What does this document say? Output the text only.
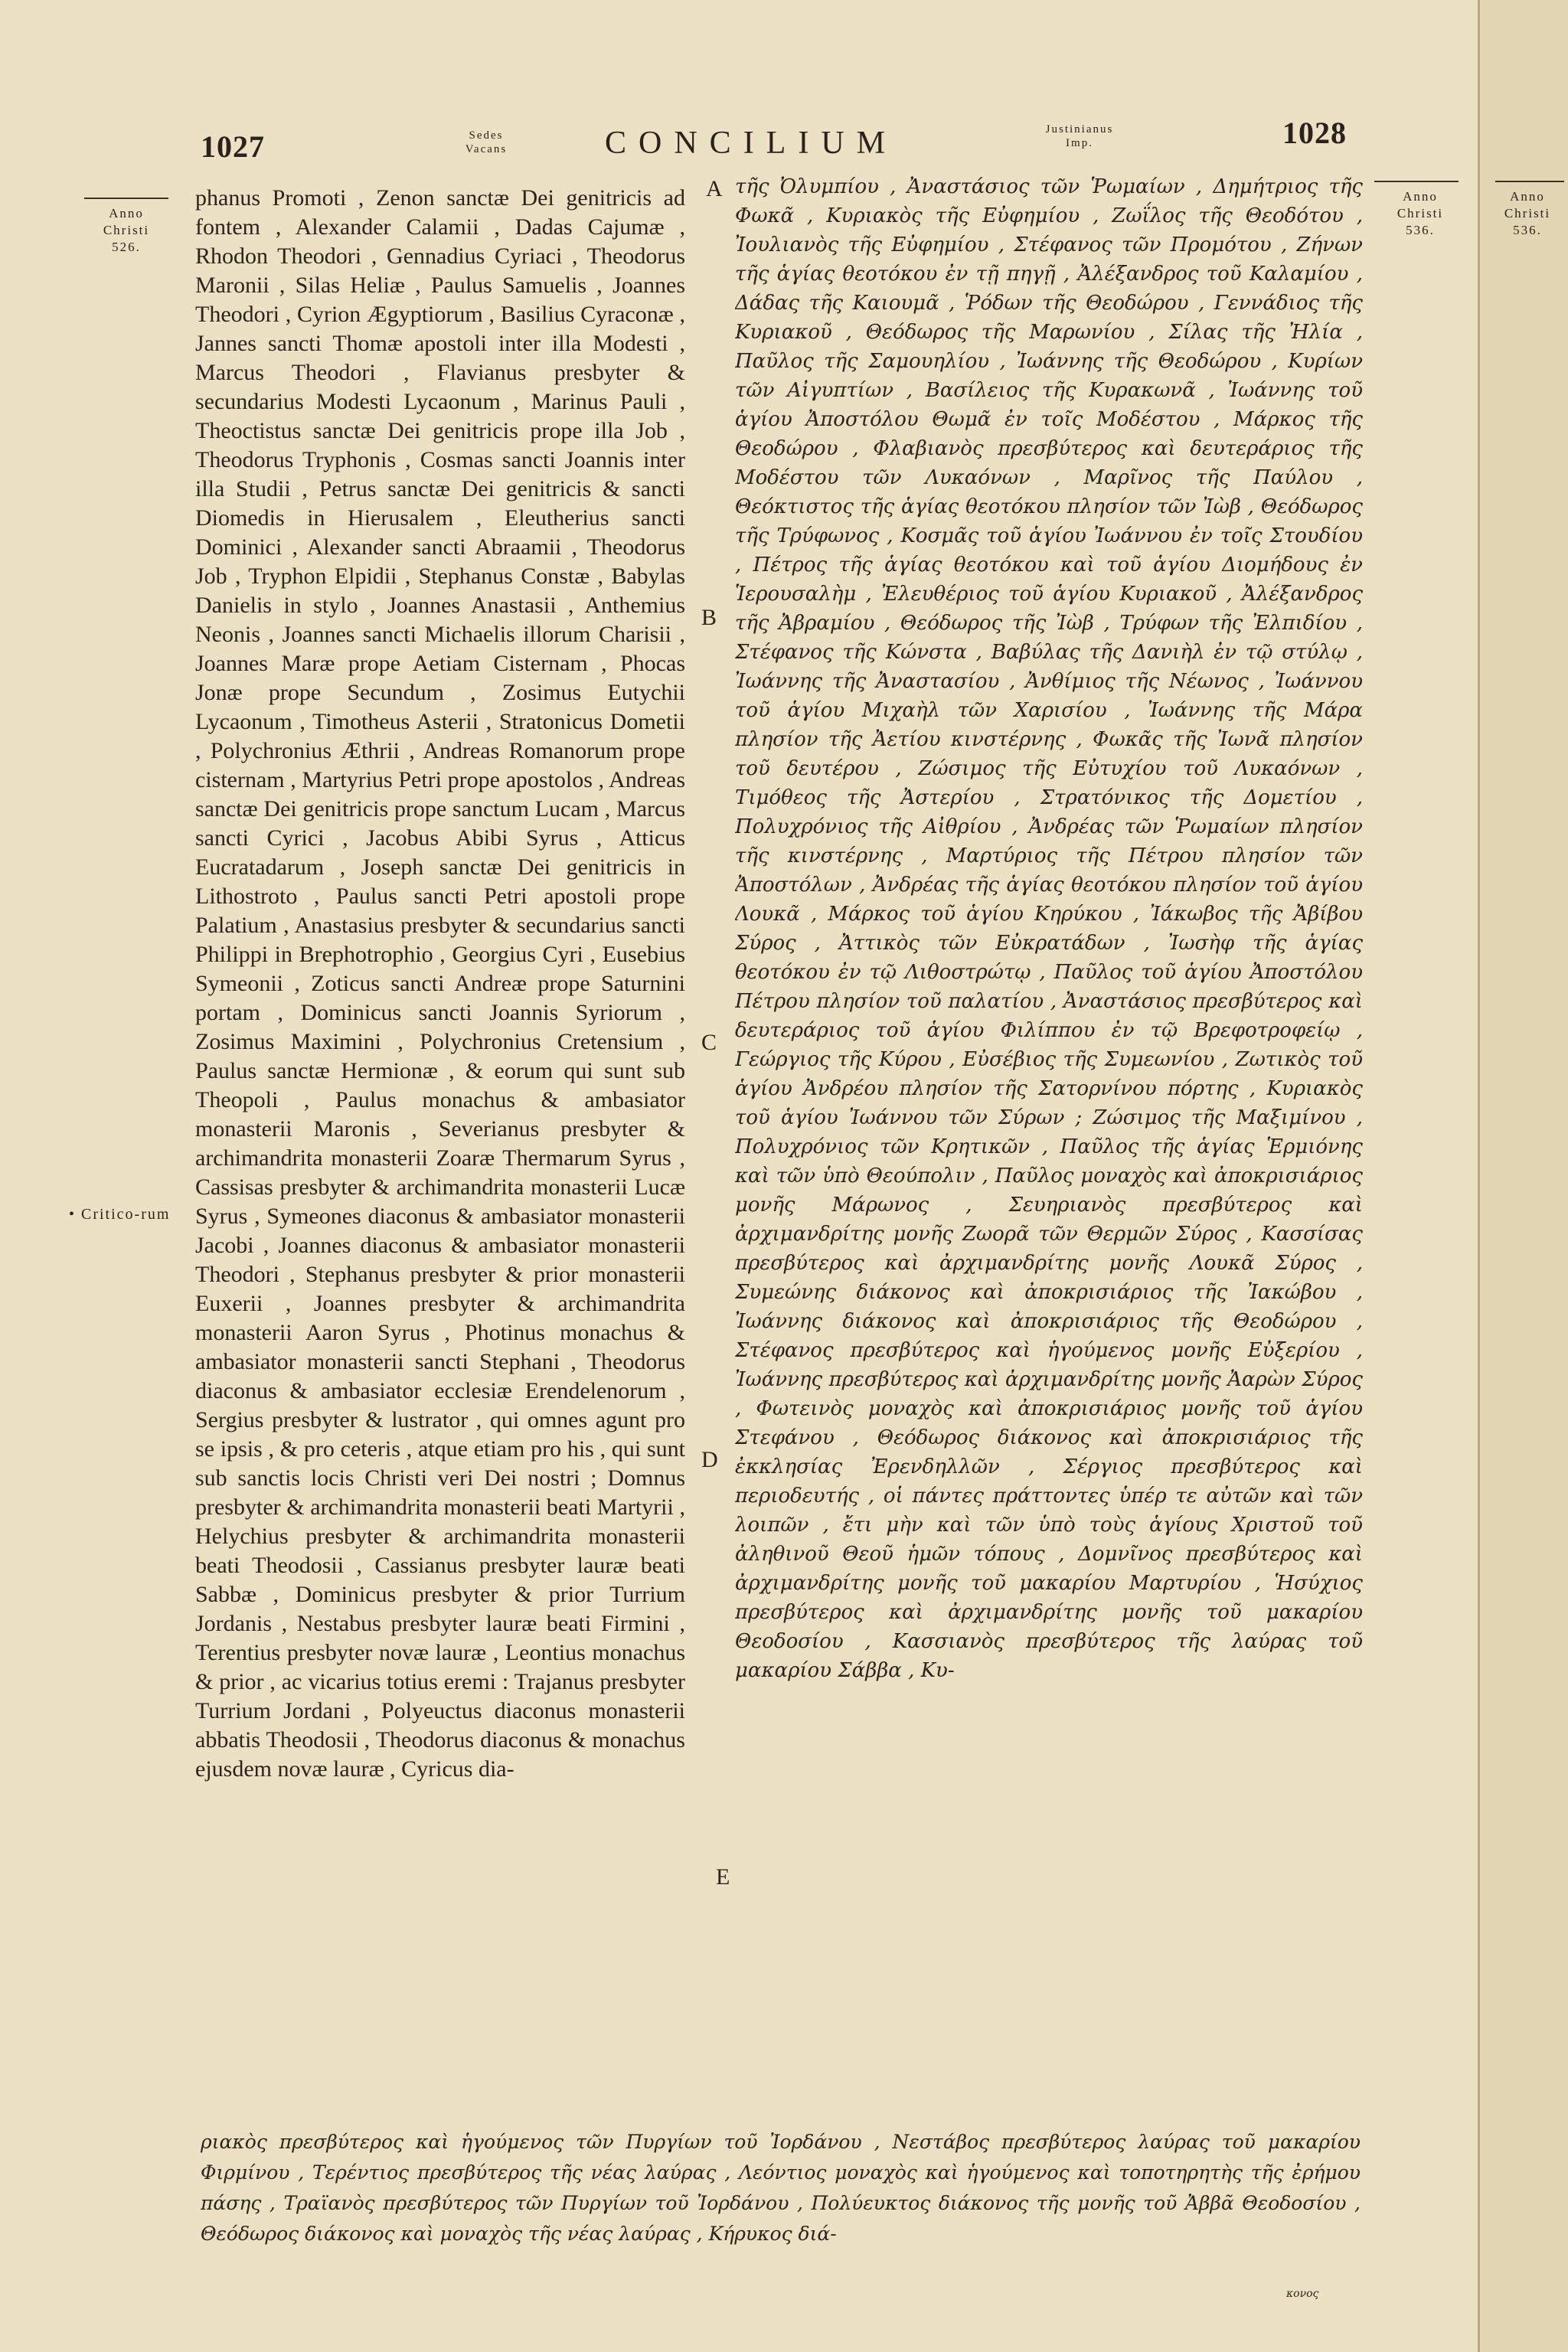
1027	Sedes
Vacans	CONCILIUM	Justinianus
Imp.	1028
Anno
Christi
526.
• Critico-rum
Anno
Christi
536.
A
B
C
D
E
phanus Promoti , Zenon sanctæ Dei genitricis ad fontem , Alexander Calamii , Dadas Cajumæ , Rhodon Theodori , Gennadius Cyriaci , Theodorus Maronii , Silas Heliæ , Paulus Samuelis , Joannes Theodori , Cyrion Ægyptiorum , Basilius Cyraconæ , Jannes sancti Thomæ apostoli inter illa Modesti , Marcus Theodori , Flavianus presbyter & secundarius Modesti Lycaonum , Marinus Pauli , Theoctistus sanctæ Dei genitricis prope illa Job , Theodorus Tryphonis , Cosmas sancti Joannis inter illa Studii , Petrus sanctæ Dei genitricis & sancti Diomedis in Hierusalem , Eleutherius sancti Dominici , Alexander sancti Abraamii , Theodorus Job , Tryphon Elpidii , Stephanus Constæ , Babylas Danielis in stylo , Joannes Anastasii , Anthemius Neonis , Joannes sancti Michaelis illorum Charisii , Joannes Maræ prope Aetiam Cisternam , Phocas Jonæ prope Secundum , Zosimus Eutychii Lycaonum , Timotheus Asterii , Stratonicus Dometii , Polychronius Æthrii , Andreas Romanorum prope cisternam , Martyrius Petri prope apostolos , Andreas sanctæ Dei genitricis prope sanctum Lucam , Marcus sancti Cyrici , Jacobus Abibi Syrus , Atticus Eucratadarum , Joseph sanctæ Dei genitricis in Lithostroto , Paulus sancti Petri apostoli prope Palatium , Anastasius presbyter & secundarius sancti Philippi in Brephotrophio , Georgius Cyri , Eusebius Symeonii , Zoticus sancti Andreæ prope Saturnini portam , Dominicus sancti Joannis Syriorum , Zosimus Maximini , Polychronius Cretensium , Paulus sanctæ Hermionæ , & eorum qui sunt sub Theopoli , Paulus monachus & ambasiator monasterii Maronis , Severianus presbyter & archimandrita monasterii Zoaræ Thermarum Syrus , Cassisas presbyter & archimandrita monasterii Lucæ Syrus , Symeones diaconus & ambasiator monasterii Jacobi , Joannes diaconus & ambasiator monasterii Theodori , Stephanus presbyter & prior monasterii Euxerii , Joannes presbyter & archimandrita monasterii Aaron Syrus , Photinus monachus & ambasiator monasterii sancti Stephani , Theodorus diaconus & ambasiator ecclesiæ Erendelenorum , Sergius presbyter & lustrator , qui omnes agunt pro se ipsis , & pro ceteris , atque etiam pro his , qui sunt sub sanctis locis Christi veri Dei nostri ; Domnus presbyter & archimandrita monasterii beati Martyrii , Helychius presbyter & archimandrita monasterii beati Theodosii , Cassianus presbyter lauræ beati Sabbæ , Dominicus presbyter & prior Turrium Jordanis , Nestabus presbyter lauræ beati Firmini , Terentius presbyter novæ lauræ , Leontius monachus & prior , ac vicarius totius eremi : Trajanus presbyter Turrium Jordani , Polyeuctus diaconus monasterii abbatis Theodosii , Theodorus diaconus & monachus ejusdem novæ lauræ , Cyricus dia-
τῆς Ὀλυμπίου , Ἀναστάσιος τῶν Ῥωμαίων , Δημήτριος τῆς Φωκᾶ , Κυριακὸς τῆς Εὐφημίου , Ζωΐλος τῆς Θεοδότου , Ἰουλιανὸς τῆς Εὐφημίου , Στέφανος τῶν Προμότου , Ζήνων τῆς ἁγίας θεοτόκου ἐν τῇ πηγῇ , Ἀλέξανδρος τοῦ Καλαμίου , Δάδας τῆς Καιουμᾶ , Ῥόδων τῆς Θεοδώρου , Γεννάδιος τῆς Κυριακοῦ , Θεόδωρος τῆς Μαρωνίου , Σίλας τῆς Ἠλία , Παῦλος τῆς Σαμουηλίου , Ἰωάννης τῆς Θεοδώρου , Κυρίων τῶν Αἰγυπτίων , Βασίλειος τῆς Κυρακωνᾶ , Ἰωάννης τοῦ ἁγίου Ἀποστόλου Θωμᾶ ἐν τοῖς Μοδέστου , Μάρκος τῆς Θεοδώρου , Φλαβιανὸς πρεσβύτερος καὶ δευτεράριος τῆς Μοδέστου τῶν Λυκαόνων , Μαρῖνος τῆς Παύλου , Θεόκτιστος τῆς ἁγίας θεοτόκου πλησίον τῶν Ἰὼβ , Θεόδωρος τῆς Τρύφωνος , Κοσμᾶς τοῦ ἁγίου Ἰωάννου ἐν τοῖς Στουδίου , Πέτρος τῆς ἁγίας θεοτόκου καὶ τοῦ ἁγίου Διομήδους ἐν Ἱερουσαλὴμ , Ἐλευθέριος τοῦ ἁγίου Κυριακοῦ , Ἀλέξανδρος τῆς Ἀβραμίου , Θεόδωρος τῆς Ἰὼβ , Τρύφων τῆς Ἐλπιδίου , Στέφανος τῆς Κώνστα , Βαβύλας τῆς Δανιὴλ ἐν τῷ στύλῳ , Ἰωάννης τῆς Ἀναστασίου , Ἀνθίμιος τῆς Νέωνος , Ἰωάννου τοῦ ἁγίου Μιχαὴλ τῶν Χαρισίου , Ἰωάννης τῆς Μάρα πλησίον τῆς Ἀετίου κινστέρνης , Φωκᾶς τῆς Ἰωνᾶ πλησίον τοῦ δευτέρου , Ζώσιμος τῆς Εὐτυχίου τοῦ Λυκαόνων , Τιμόθεος τῆς Ἀστερίου , Στρατόνικος τῆς Δομετίου , Πολυχρόνιος τῆς Αἰθρίου , Ἀνδρέας τῶν Ῥωμαίων πλησίον τῆς κινστέρνης , Μαρτύριος τῆς Πέτρου πλησίον τῶν Ἀποστόλων , Ἀνδρέας τῆς ἁγίας θεοτόκου πλησίον τοῦ ἁγίου Λουκᾶ , Μάρκος τοῦ ἁγίου Κηρύκου , Ἰάκωβος τῆς Ἀβίβου Σύρος , Ἀττικὸς τῶν Εὐκρατάδων , Ἰωσὴφ τῆς ἁγίας θεοτόκου ἐν τῷ Λιθοστρώτῳ , Παῦλος τοῦ ἁγίου Ἀποστόλου Πέτρου πλησίον τοῦ παλατίου , Ἀναστάσιος πρεσβύτερος καὶ δευτεράριος τοῦ ἁγίου Φιλίππου ἐν τῷ Βρεφοτροφείῳ , Γεώργιος τῆς Κύρου , Εὐσέβιος τῆς Συμεωνίου , Ζωτικὸς τοῦ ἁγίου Ἀνδρέου πλησίον τῆς Σατορνίνου πόρτης , Κυριακὸς τοῦ ἁγίου Ἰωάννου τῶν Σύρων ; Ζώσιμος τῆς Μαξιμίνου , Πολυχρόνιος τῶν Κρητικῶν , Παῦλος τῆς ἁγίας Ἑρμιόνης καὶ τῶν ὑπὸ Θεούπολιν , Παῦλος μοναχὸς καὶ ἀποκρισιάριος μονῆς Μάρωνος , Σευηριανὸς πρεσβύτερος καὶ ἀρχιμανδρίτης μονῆς Ζωορᾶ τῶν Θερμῶν Σύρος , Κασσίσας πρεσβύτερος καὶ ἀρχιμανδρίτης μονῆς Λουκᾶ Σύρος , Συμεώνης διάκονος καὶ ἀποκρισιάριος τῆς Ἰακώβου , Ἰωάννης διάκονος καὶ ἀποκρισιάριος τῆς Θεοδώρου , Στέφανος πρεσβύτερος καὶ ἡγούμενος μονῆς Εὐξερίου , Ἰωάννης πρεσβύτερος καὶ ἀρχιμανδρίτης μονῆς Ἀαρὼν Σύρος , Φωτεινὸς μοναχὸς καὶ ἀποκρισιάριος μονῆς τοῦ ἁγίου Στεφάνου , Θεόδωρος διάκονος καὶ ἀποκρισιάριος τῆς ἐκκλησίας Ἐρενδηλλῶν , Σέργιος πρεσβύτερος καὶ περιοδευτής , οἱ πάντες πράττοντες ὑπέρ τε αὐτῶν καὶ τῶν λοιπῶν , ἔτι μὴν καὶ τῶν ὑπὸ τοὺς ἁγίους Χριστοῦ τοῦ ἀληθινοῦ Θεοῦ ἡμῶν τόπους , Δομνῖνος πρεσβύτερος καὶ ἀρχιμανδρίτης μονῆς τοῦ μακαρίου Μαρτυρίου , Ἡσύχιος πρεσβύτερος καὶ ἀρχιμανδρίτης μονῆς τοῦ μακαρίου Θεοδοσίου , Κασσιανὸς πρεσβύτερος τῆς λαύρας τοῦ μακαρίου Σάββα , Κυ-
ριακὸς πρεσβύτερος καὶ ἡγούμενος τῶν Πυργίων τοῦ Ἰορδάνου , Νεστάβος πρεσβύτερος λαύρας τοῦ μακαρίου Φιρμίνου , Τερέντιος πρεσβύτερος τῆς νέας λαύρας , Λεόντιος μοναχὸς καὶ ἡγούμενος καὶ τοποτηρητὴς τῆς ἐρήμου πάσης , Τραϊανὸς πρεσβύτερος τῶν Πυργίων τοῦ Ἰορδάνου , Πολύευκτος διάκονος τῆς μονῆς τοῦ Ἀββᾶ Θεοδοσίου , Θεόδωρος διάκονος καὶ μοναχὸς τῆς νέας λαύρας , Κήρυκος διά-
κονος
Anno
Christi
536.
